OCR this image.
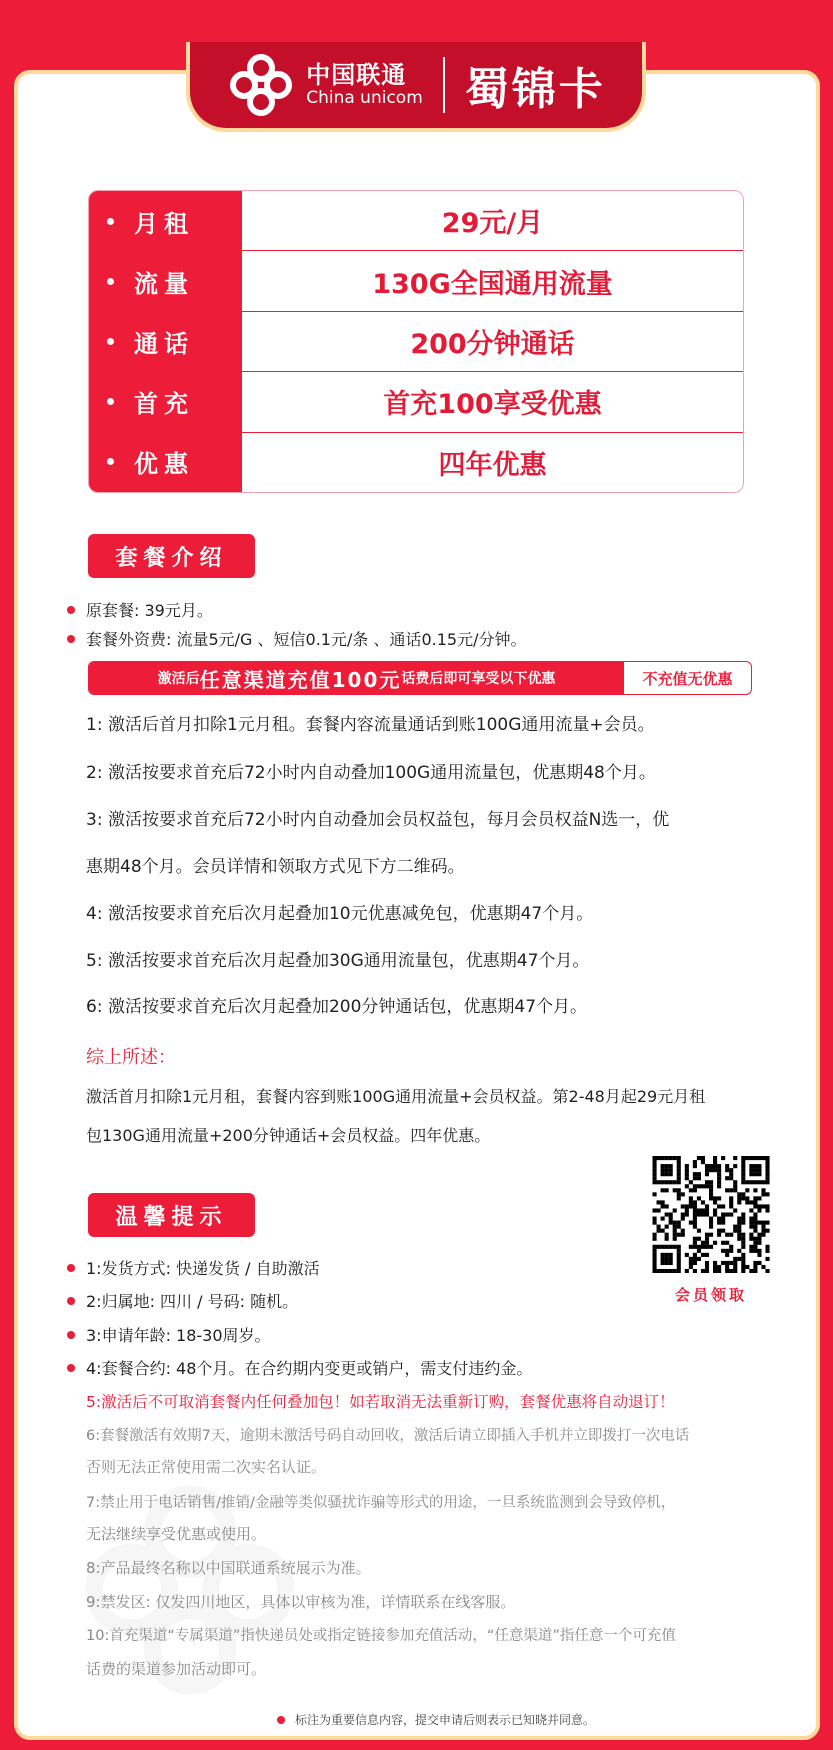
中国联通
China unicom 蜀锦卡
月租
流量
通话
首充
优惠
29元/月
130G全国通用流量
200分钟通话
首充100享受优惠
四年优惠
套餐介绍
原套餐: 39元月。
套餐外资费: 流量5元/G 、短信0.1元/条 、通话0.15元/分钟。
激活后 任意渠道充值100元 话费后即可享受以下优惠	不充值无优惠
1: 激活后首月扣除1元月租。套餐内容流量通话到账100G通用流量+会员。
2: 激活按要求首充后72小时内自动叠加100G通用流量包，优惠期48个月。
3: 激活按要求首充后72小时内自动叠加会员权益包，每月会员权益N选一，优
惠期48个月。会员详情和领取方式见下方二维码。
4: 激活按要求首充后次月起叠加10元优惠减免包，优惠期47个月。
5: 激活按要求首充后次月起叠加30G通用流量包，优惠期47个月。
6: 激活按要求首充后次月起叠加200分钟通话包，优惠期47个月。
综上所述：
激活首月扣除1元月租，套餐内容到账100G通用流量+会员权益。第2-48月起29元月租
包130G通用流量+200分钟通话+会员权益。四年优惠。
会员领取
温馨提示
1:发货方式: 快递发货 / 自助激活
2:归属地: 四川 / 号码: 随机。
3:申请年龄: 18-30周岁。
4:套餐合约: 48个月。在合约期内变更或销户，需支付违约金。
5:激活后不可取消套餐内任何叠加包！如若取消无法重新订购，套餐优惠将自动退订！
6:套餐激活有效期7天，逾期未激活号码自动回收，激活后请立即插入手机并立即拨打一次电话
否则无法正常使用需二次实名认证。
7:禁止用于电话销售/推销/金融等类似骚扰诈骗等形式的用途，一旦系统监测到会导致停机，
无法继续享受优惠或使用。
8:产品最终名称以中国联通系统展示为准。
9:禁发区: 仅发四川地区，具体以审核为准，详情联系在线客服。
10:首充渠道“专属渠道”指快递员处或指定链接参加充值活动，“任意渠道”指任意一个可充值
话费的渠道参加活动即可。
标注为重要信息内容，提交申请后则表示已知晓并同意。
